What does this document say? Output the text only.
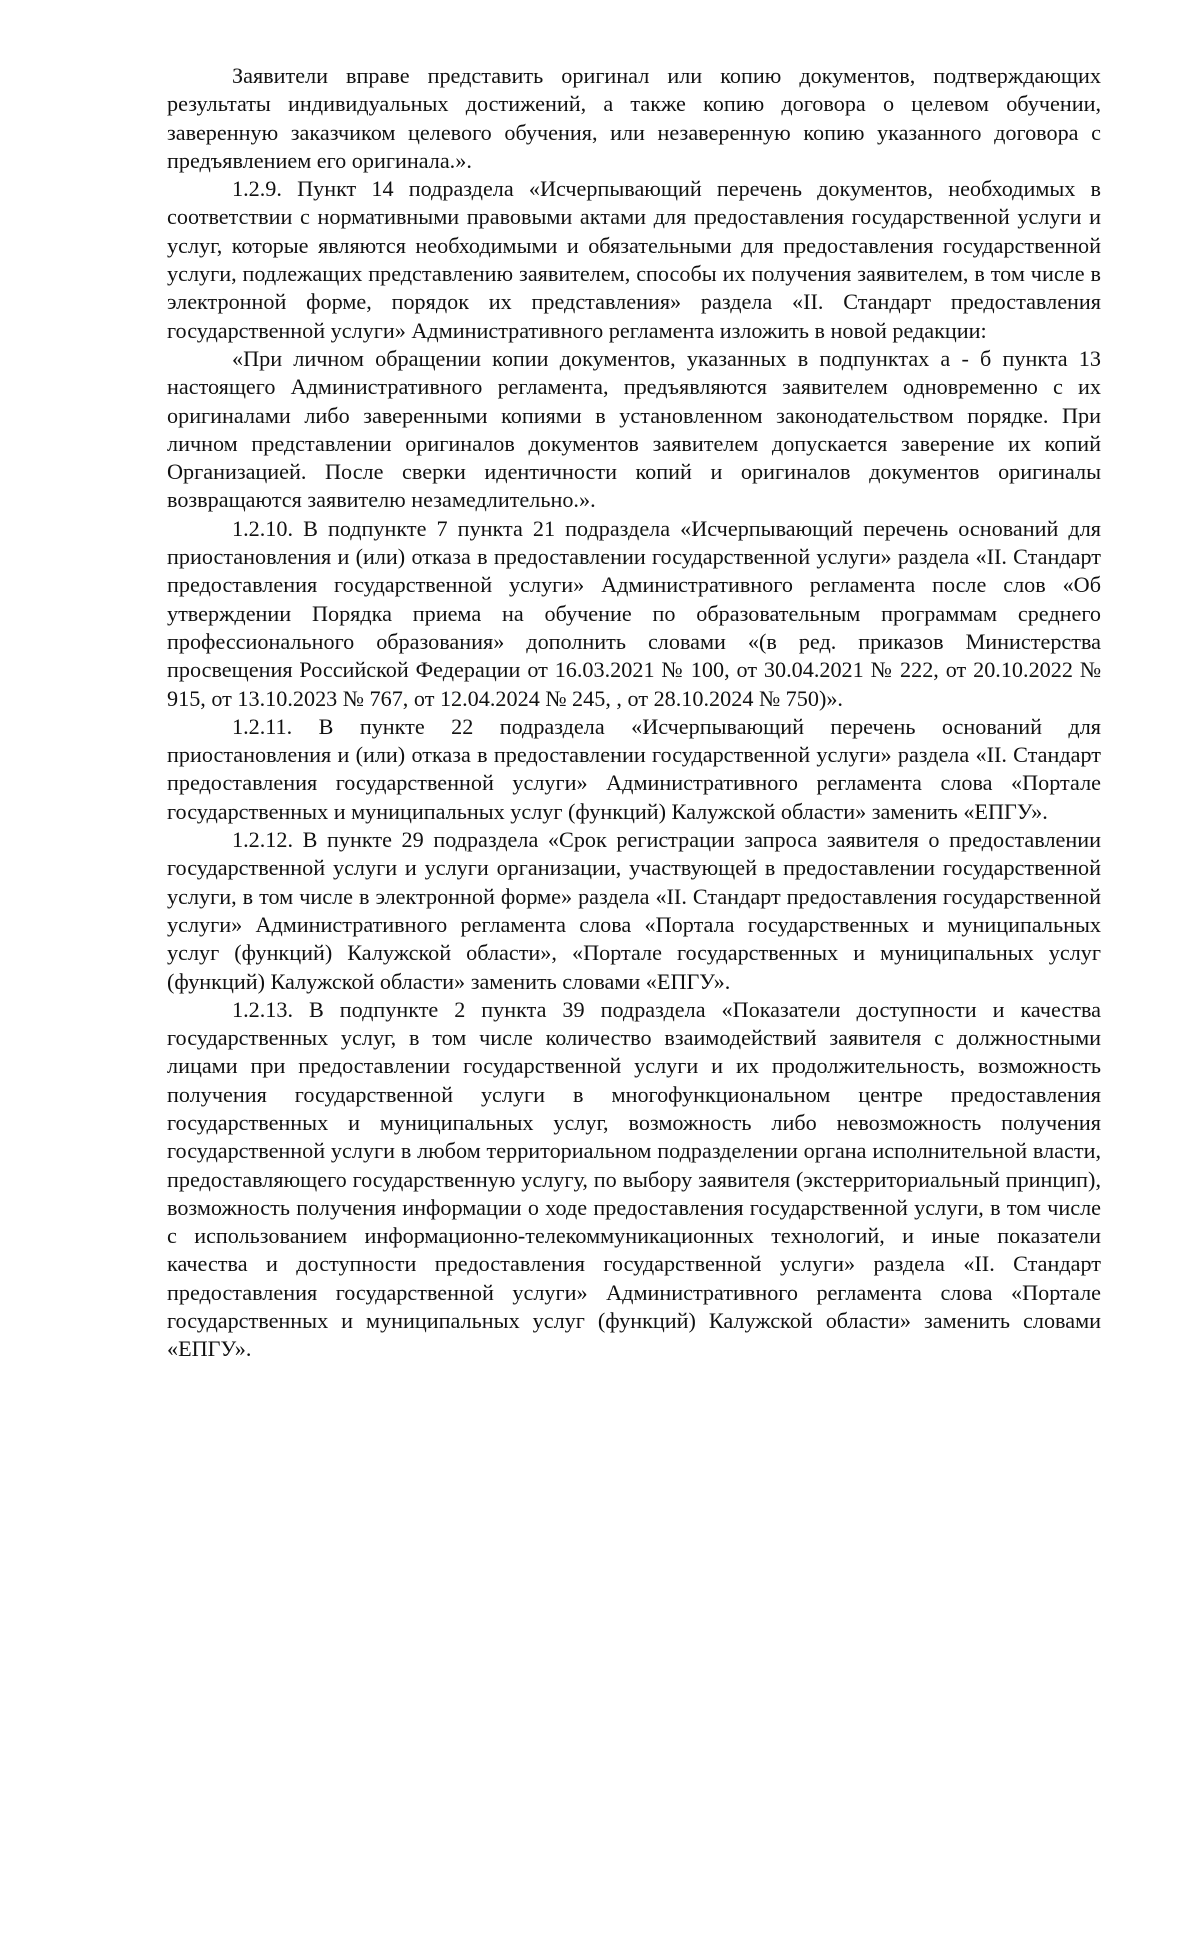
Заявители вправе представить оригинал или копию документов, подтверждающих результаты индивидуальных достижений, а также копию договора о целевом обучении, заверенную заказчиком целевого обучения, или незаверенную копию указанного договора с предъявлением его оригинала.».

1.2.9. Пункт 14 подраздела «Исчерпывающий перечень документов, необходимых в соответствии с нормативными правовыми актами для предоставления государственной услуги и услуг, которые являются необходимыми и обязательными для предоставления государственной услуги, подлежащих представлению заявителем, способы их получения заявителем, в том числе в электронной форме, порядок их представления» раздела «II. Стандарт предоставления государственной услуги» Административного регламента изложить в новой редакции:

«При личном обращении копии документов, указанных в подпунктах а - б пункта 13 настоящего Административного регламента, предъявляются заявителем одновременно с их оригиналами либо заверенными копиями в установленном законодательством порядке. При личном представлении оригиналов документов заявителем допускается заверение их копий Организацией. После сверки идентичности копий и оригиналов документов оригиналы возвращаются заявителю незамедлительно.».

1.2.10. В подпункте 7 пункта 21 подраздела «Исчерпывающий перечень оснований для приостановления и (или) отказа в предоставлении государственной услуги» раздела «II. Стандарт предоставления государственной услуги» Административного регламента после слов «Об утверждении Порядка приема на обучение по образовательным программам среднего профессионального образования» дополнить словами «(в ред. приказов Министерства просвещения Российской Федерации от 16.03.2021 № 100, от 30.04.2021 № 222, от 20.10.2022 № 915, от 13.10.2023 № 767, от 12.04.2024 № 245, , от 28.10.2024 № 750)».

1.2.11. В пункте 22 подраздела «Исчерпывающий перечень оснований для приостановления и (или) отказа в предоставлении государственной услуги» раздела «II. Стандарт предоставления государственной услуги» Административного регламента слова «Портале государственных и муниципальных услуг (функций) Калужской области» заменить «ЕПГУ».

1.2.12. В пункте 29 подраздела «Срок регистрации запроса заявителя о предоставлении государственной услуги и услуги организации, участвующей в предоставлении государственной услуги, в том числе в электронной форме» раздела «II. Стандарт предоставления государственной услуги» Административного регламента слова «Портала государственных и муниципальных услуг (функций) Калужской области», «Портале государственных и муниципальных услуг (функций) Калужской области» заменить словами «ЕПГУ».

1.2.13. В подпункте 2 пункта 39 подраздела «Показатели доступности и качества государственных услуг, в том числе количество взаимодействий заявителя с должностными лицами при предоставлении государственной услуги и их продолжительность, возможность получения государственной услуги в многофункциональном центре предоставления государственных и муниципальных услуг, возможность либо невозможность получения государственной услуги в любом территориальном подразделении органа исполнительной власти, предоставляющего государственную услугу, по выбору заявителя (экстерриториальный принцип), возможность получения информации о ходе предоставления государственной услуги, в том числе с использованием информационно-телекоммуникационных технологий, и иные показатели качества и доступности предоставления государственной услуги» раздела «II. Стандарт предоставления государственной услуги» Административного регламента слова «Портале государственных и муниципальных услуг (функций) Калужской области» заменить словами «ЕПГУ».
